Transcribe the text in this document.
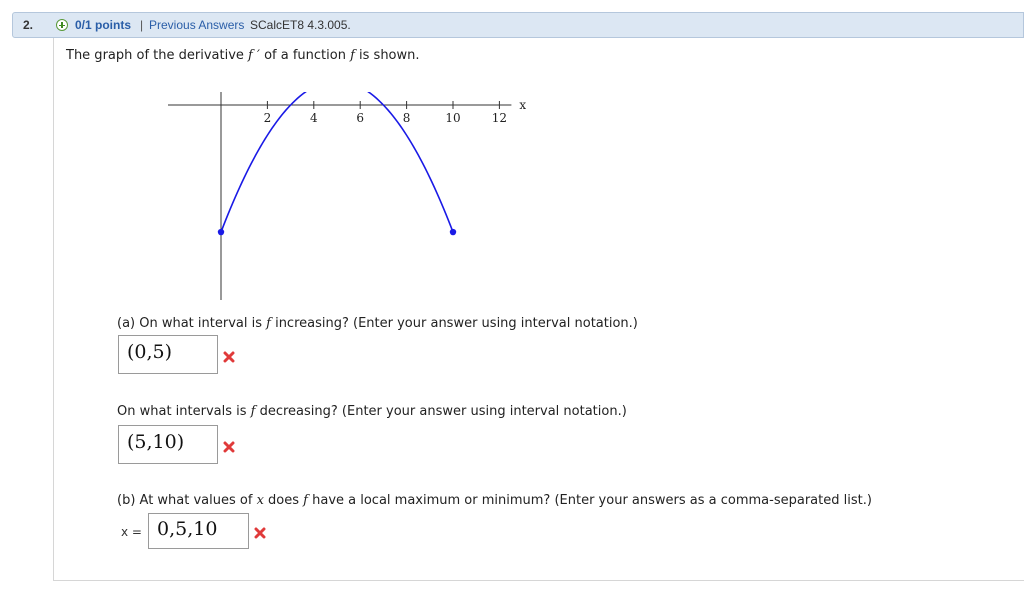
2.	0/1 points | Previous Answers SCalcET8 4.3.005.
The graph of the derivative f ′ of a function f is shown.
x
2	4	6	8	10	12
(a) On what interval is f increasing? (Enter your answer using interval notation.)
(0,5)
On what intervals is f decreasing? (Enter your answer using interval notation.)
(5,10)
(b) At what values of x does f have a local maximum or minimum? (Enter your answers as a comma-separated list.)
x = 0,5,10
